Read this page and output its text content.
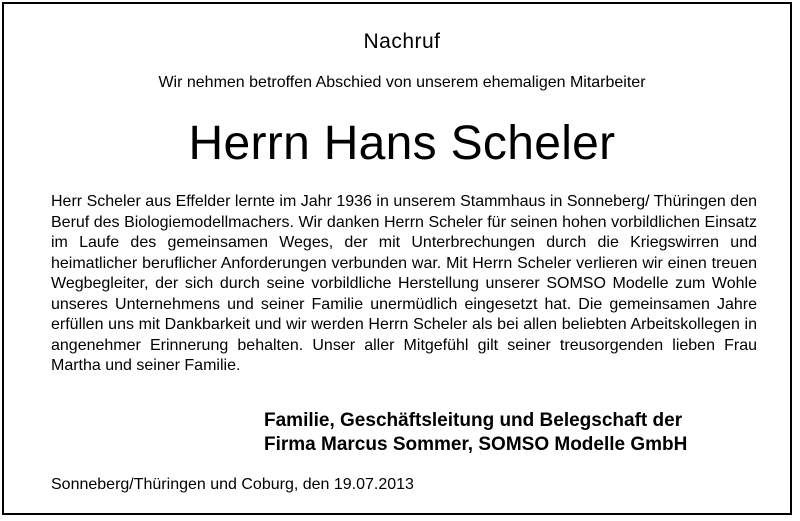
Nachruf
Wir nehmen betroffen Abschied von unserem ehemaligen Mitarbeiter
Herrn Hans Scheler

Herr Scheler aus Effelder lernte im Jahr 1936 in unserem Stammhaus in Sonneberg/ Thüringen den Beruf des Biologiemodellmachers. Wir danken Herrn Scheler für seinen hohen vorbildlichen Einsatz im Laufe des gemeinsamen Weges, der mit Unterbrechungen durch die Kriegswirren und heimatlicher beruflicher Anforderungen verbunden war. Mit Herrn Scheler verlieren wir einen treuen Wegbegleiter, der sich durch seine vorbildliche Herstellung unserer SOMSO Modelle zum Wohle unseres Unternehmens und seiner Familie unermüdlich eingesetzt hat. Die gemeinsamen Jahre erfüllen uns mit Dankbarkeit und wir werden Herrn Scheler als bei allen beliebten Arbeitskollegen in angenehmer Erinnerung behalten. Unser aller Mitgefühl gilt seiner treusorgenden lieben Frau Martha und seiner Familie.

Familie, Geschäftsleitung und Belegschaft der
Firma Marcus Sommer, SOMSO Modelle GmbH
Sonneberg/Thüringen und Coburg, den 19.07.2013
